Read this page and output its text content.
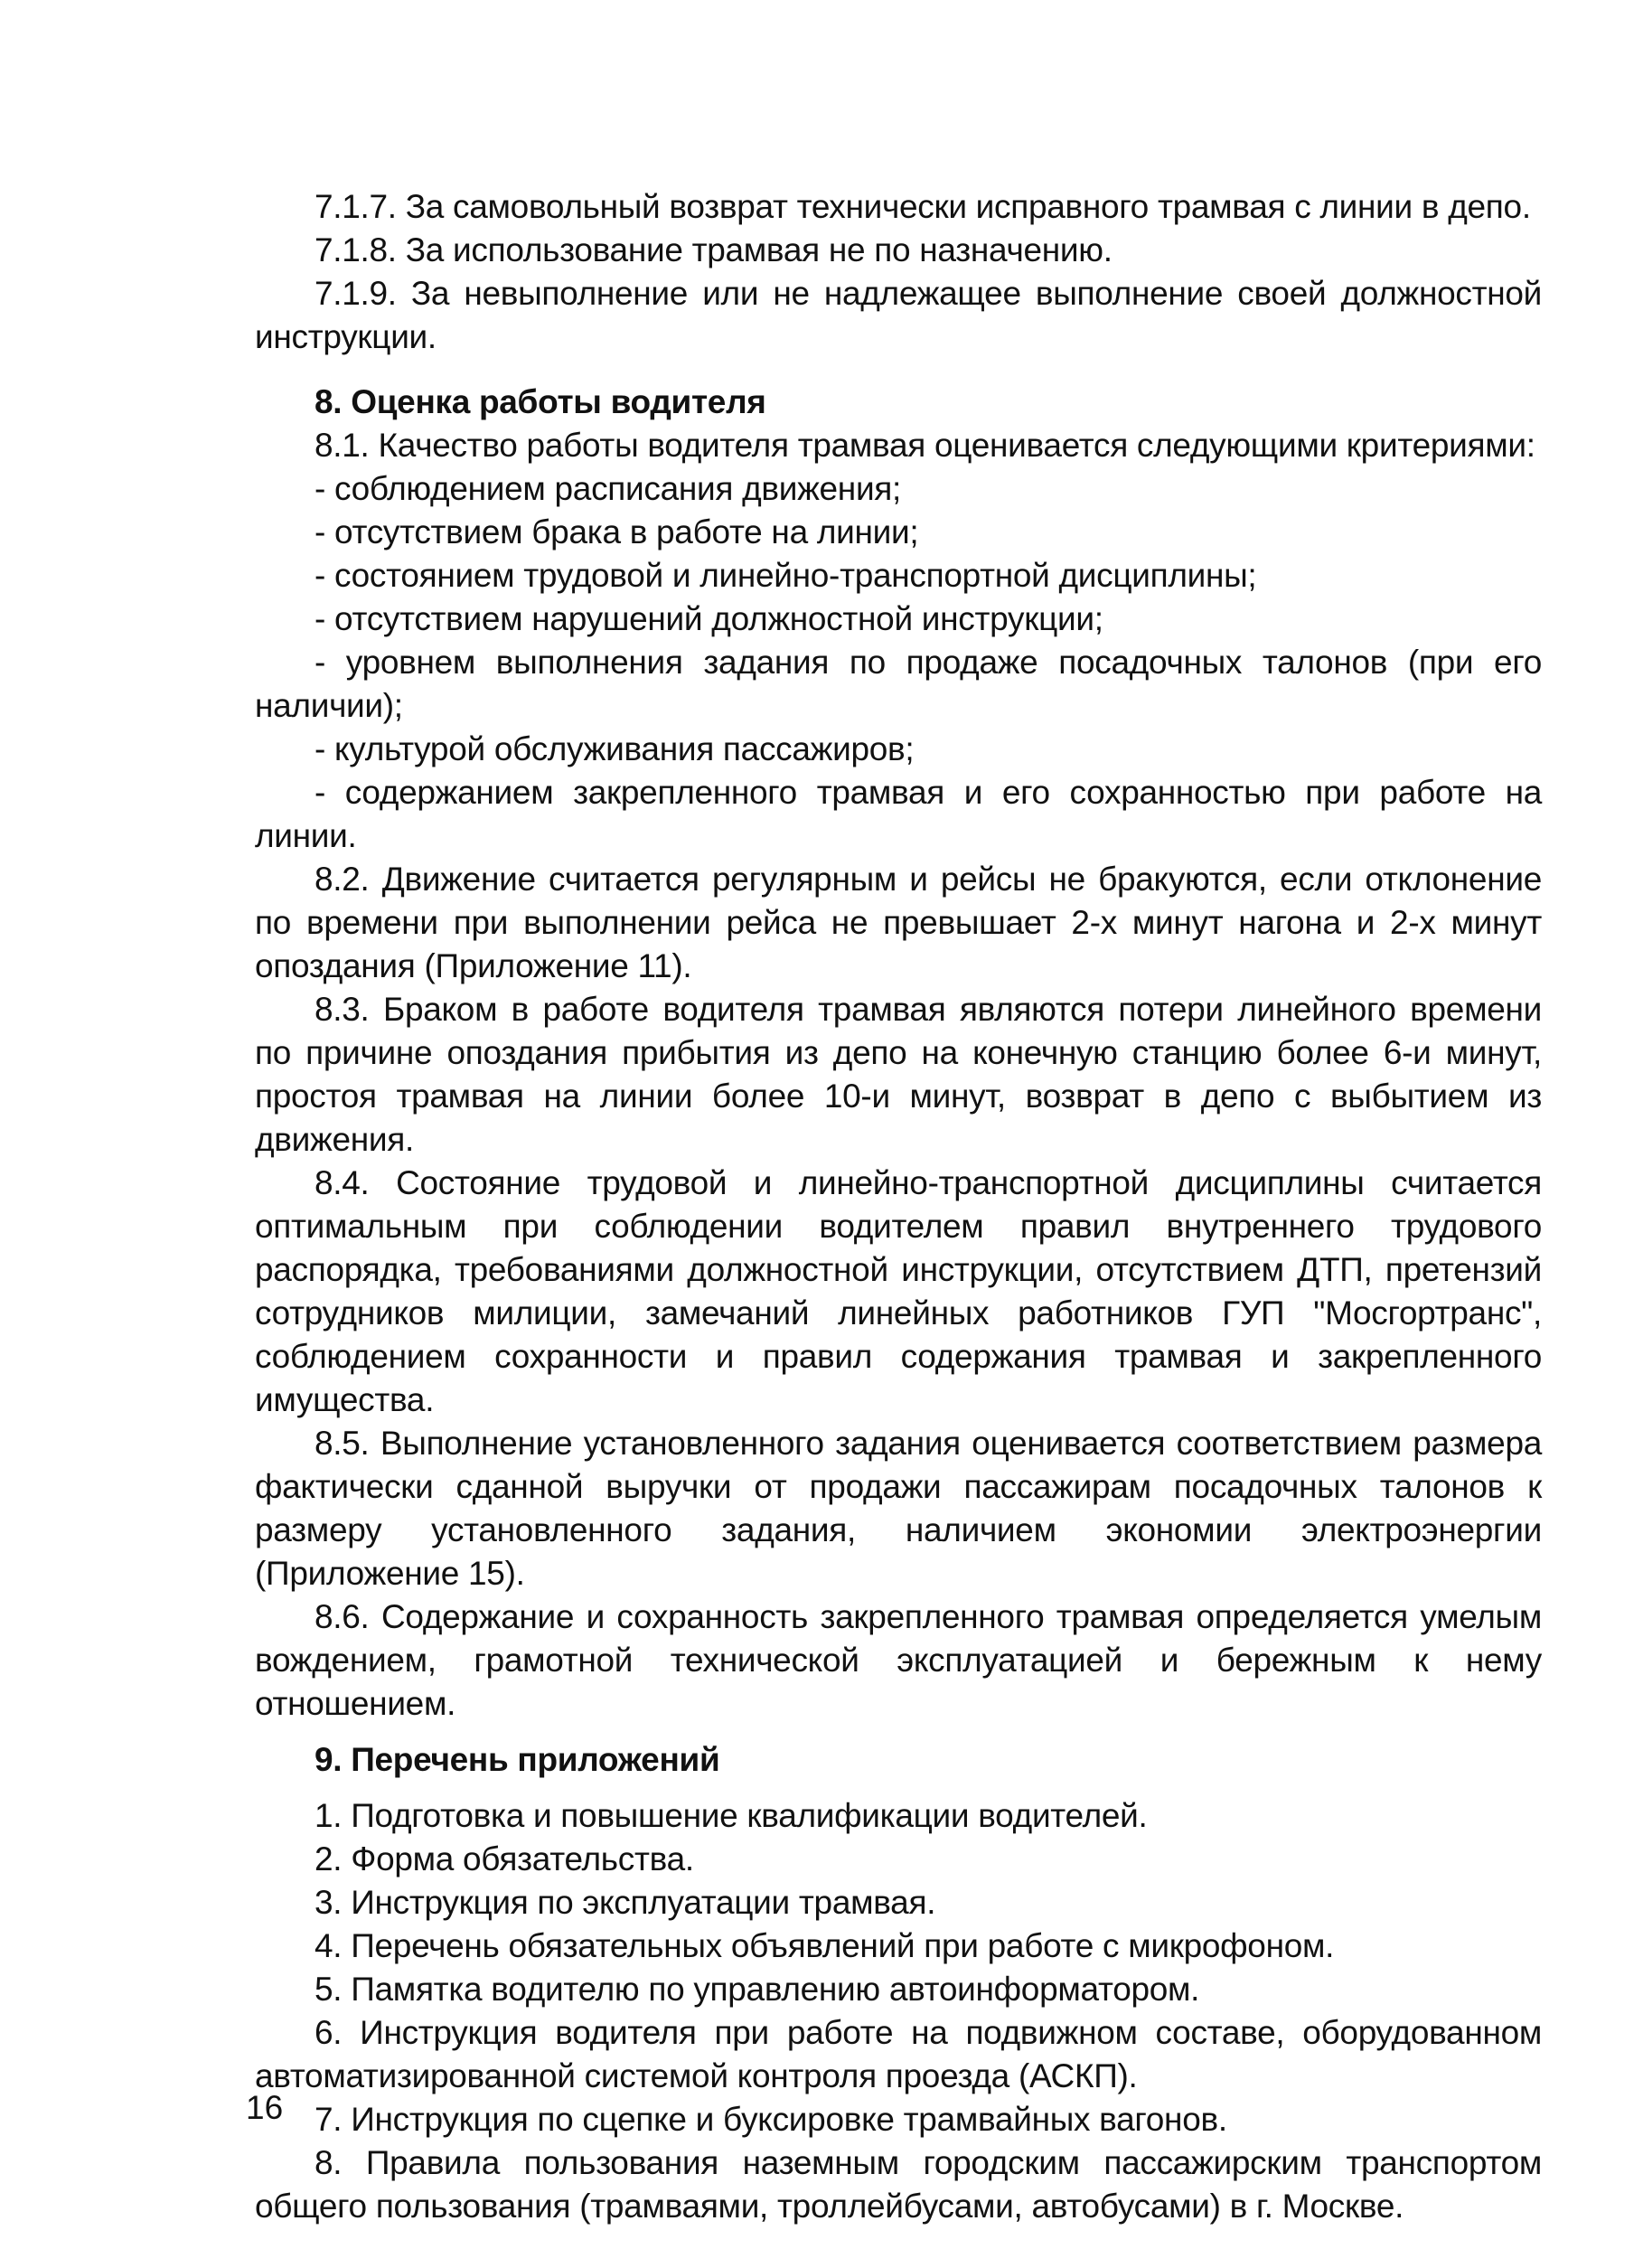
7.1.7. За самовольный возврат технически исправного трамвая с линии в депо.

7.1.8. За использование трамвая не по назначению.

7.1.9. За невыполнение или не надлежащее выполнение своей должностной инструкции.

8. Оценка работы водителя

8.1. Качество работы водителя трамвая оценивается следующими критериями:

- соблюдением расписания движения;

- отсутствием брака в работе на линии;

- состоянием трудовой и линейно-транспортной дисциплины;

- отсутствием нарушений должностной инструкции;

- уровнем выполнения задания по продаже посадочных талонов (при его наличии);

- культурой обслуживания пассажиров;

- содержанием закрепленного трамвая и его сохранностью при работе на линии.

8.2. Движение считается регулярным и рейсы не бракуются, если отклонение по времени при выполнении рейса не превышает 2-х минут нагона и 2-х минут опоздания (Приложение 11).

8.3. Браком в работе водителя трамвая являются потери линейного времени по причине опоздания прибытия из депо на конечную станцию более 6-и минут, простоя трамвая на линии более 10-и минут, возврат в депо с выбытием из движения.

8.4. Состояние трудовой и линейно-транспортной дисциплины считается оптимальным при соблюдении водителем правил внутреннего трудового распорядка, требованиями должностной инструкции, отсутствием ДТП, претензий сотрудников милиции, замечаний линейных работников ГУП "Мосгортранс", соблюдением сохранности и правил содержания трамвая и закрепленного имущества.

8.5. Выполнение установленного задания оценивается соответствием размера фактически сданной выручки от продажи пассажирам посадочных талонов к размеру установленного задания, наличием экономии электроэнергии (Приложение 15).

8.6. Содержание и сохранность закрепленного трамвая определяется умелым вождением, грамотной технической эксплуатацией и бережным к нему отношением.

9. Перечень приложений

1. Подготовка и повышение квалификации водителей.

2. Форма обязательства.

3. Инструкция по эксплуатации трамвая.

4. Перечень обязательных объявлений при работе с микрофоном.

5. Памятка водителю по управлению автоинформатором.

6. Инструкция водителя при работе на подвижном составе, оборудованном автоматизированной системой контроля проезда (АСКП).

7. Инструкция по сцепке и буксировке трамвайных вагонов.

8. Правила пользования наземным городским пассажирским транспортом общего пользования (трамваями, троллейбусами, автобусами) в г. Москве.

16
